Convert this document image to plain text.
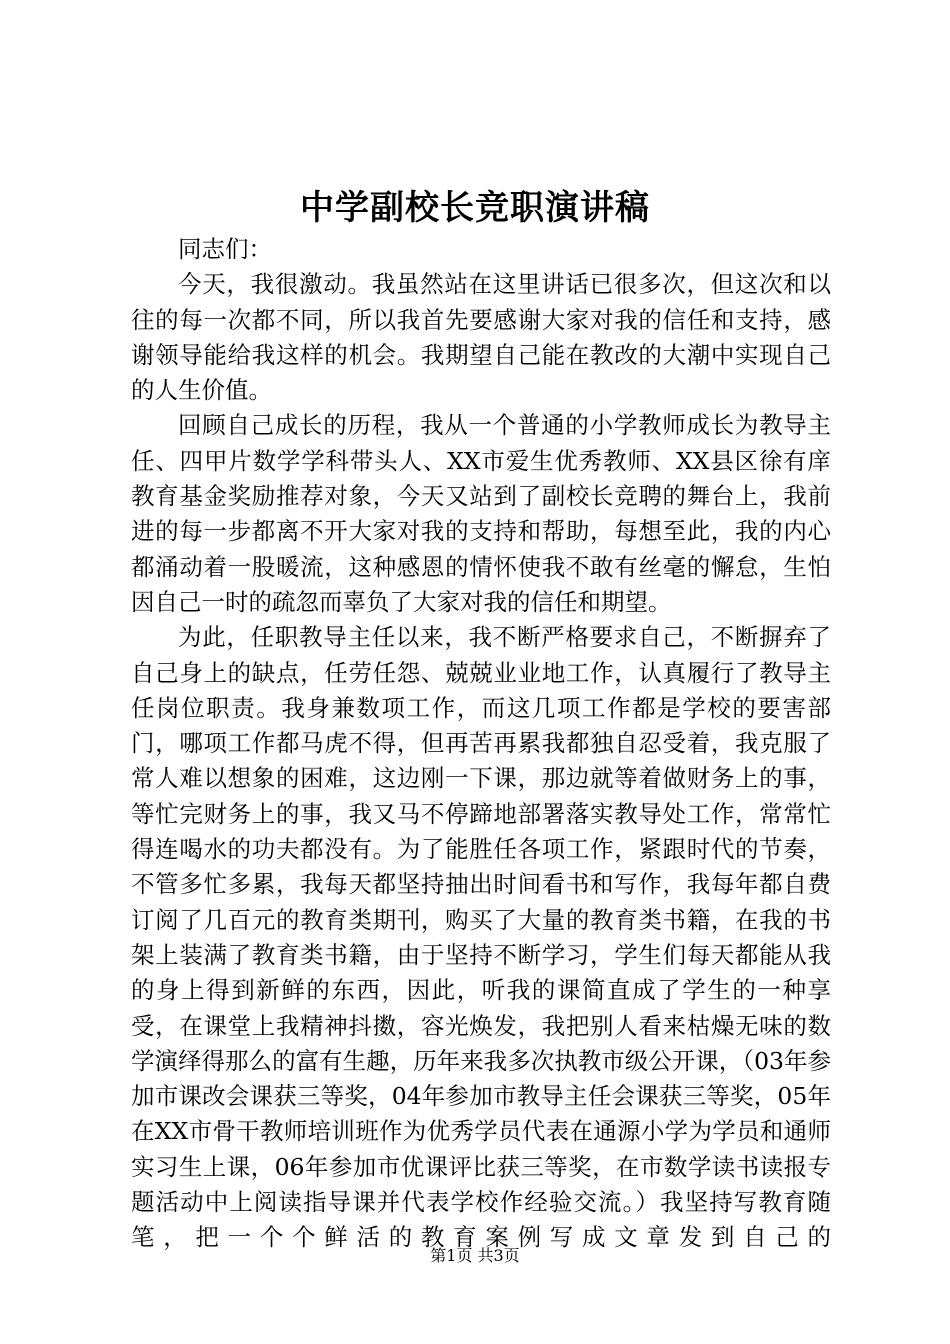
中学副校长竞职演讲稿

同志们：

今天，我很激动。我虽然站在这里讲话已很多次，但这次和以往的每一次都不同，所以我首先要感谢大家对我的信任和支持，感谢领导能给我这样的机会。我期望自己能在教改的大潮中实现自己的人生价值。

回顾自己成长的历程，我从一个普通的小学教师成长为教导主任、四甲片数学学科带头人、XX市爱生优秀教师、XX县区徐有庠教育基金奖励推荐对象，今天又站到了副校长竞聘的舞台上，我前进的每一步都离不开大家对我的支持和帮助，每想至此，我的内心都涌动着一股暖流，这种感恩的情怀使我不敢有丝毫的懈怠，生怕因自己一时的疏忽而辜负了大家对我的信任和期望。

为此，任职教导主任以来，我不断严格要求自己，不断摒弃了自己身上的缺点，任劳任怨、兢兢业业地工作，认真履行了教导主任岗位职责。我身兼数项工作，而这几项工作都是学校的要害部门，哪项工作都马虎不得，但再苦再累我都独自忍受着，我克服了常人难以想象的困难，这边刚一下课，那边就等着做财务上的事，等忙完财务上的事，我又马不停蹄地部署落实教导处工作，常常忙得连喝水的功夫都没有。为了能胜任各项工作，紧跟时代的节奏，不管多忙多累，我每天都坚持抽出时间看书和写作，我每年都自费订阅了几百元的教育类期刊，购买了大量的教育类书籍，在我的书架上装满了教育类书籍，由于坚持不断学习，学生们每天都能从我的身上得到新鲜的东西，因此，听我的课简直成了学生的一种享受，在课堂上我精神抖擞，容光焕发，我把别人看来枯燥无味的数学演绎得那么的富有生趣，历年来我多次执教市级公开课，（03年参加市课改会课获三等奖，04年参加市教导主任会课获三等奖，05年在XX市骨干教师培训班作为优秀学员代表在通源小学为学员和通师实习生上课，06年参加市优课评比获三等奖，在市数学读书读报专题活动中上阅读指导课并代表学校作经验交流。）我坚持写教育随笔，把一个个鲜活的教育案例写成文章发到自己的

第1页 共3页
